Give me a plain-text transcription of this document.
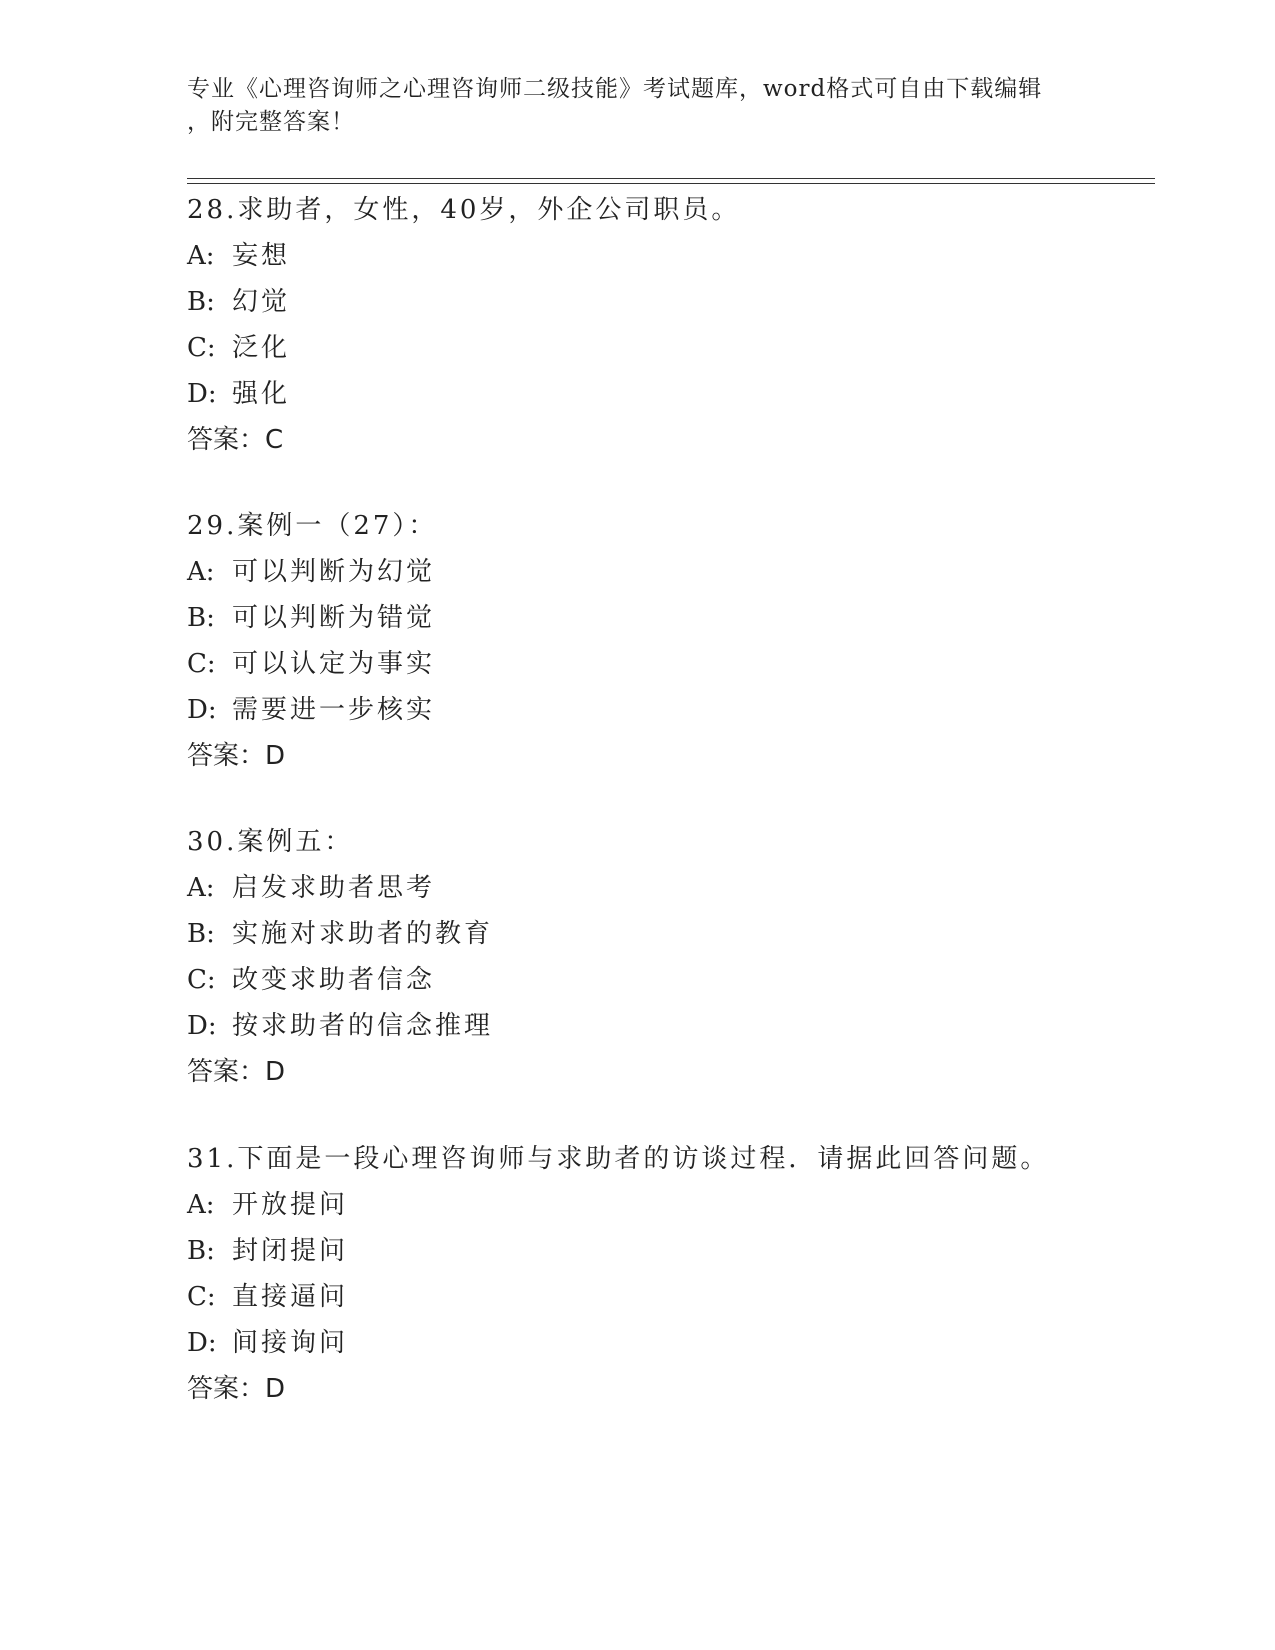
专业《心理咨询师之心理咨询师二级技能》考试题库，word格式可自由下载编辑
，附完整答案！
28.求助者，女性，40岁，外企公司职员。
A: 妄想
B: 幻觉
C: 泛化
D: 强化
答案：C
29.案例一（27）：
A: 可以判断为幻觉
B: 可以判断为错觉
C: 可以认定为事实
D: 需要进一步核实
答案：D
30.案例五：
A: 启发求助者思考
B: 实施对求助者的教育
C: 改变求助者信念
D: 按求助者的信念推理
答案：D
31.下面是一段心理咨询师与求助者的访谈过程．请据此回答问题。
A: 开放提问
B: 封闭提问
C: 直接逼问
D: 间接询问
答案：D
